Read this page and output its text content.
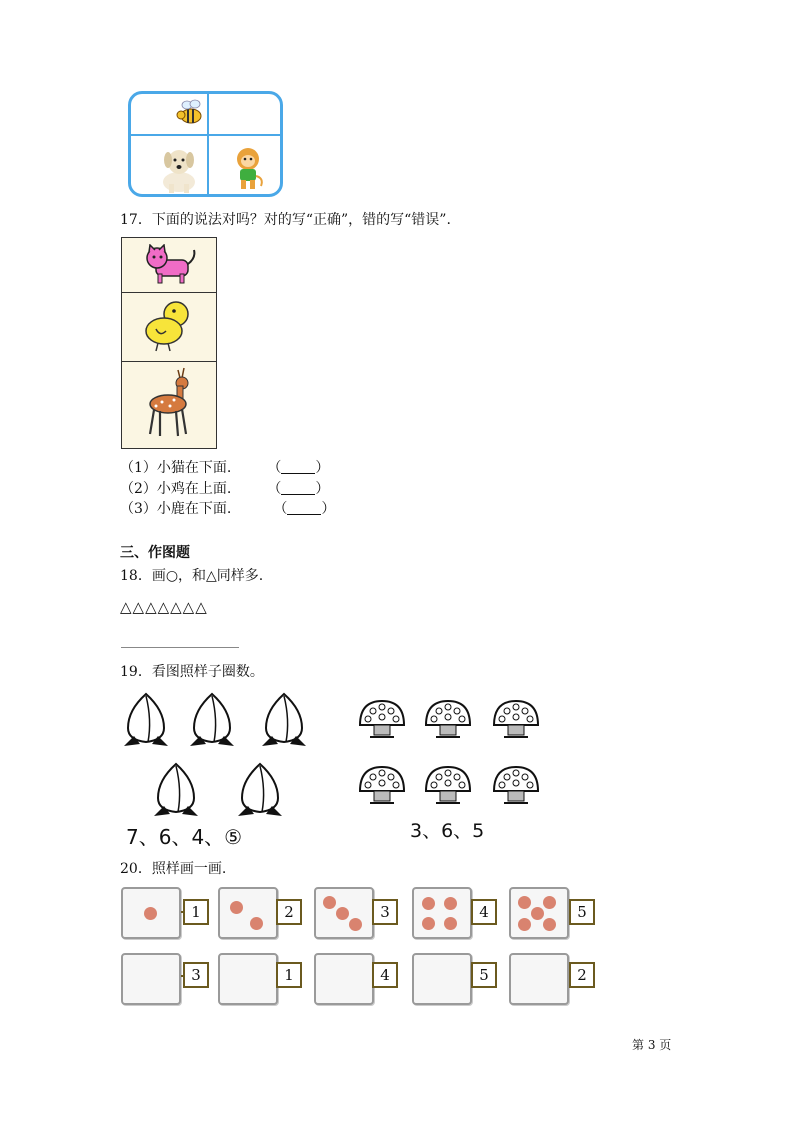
17．下面的说法对吗？对的写“正确”，错的写“错误”.
（1）小猫在下面.	（ ）
（2）小鸡在上面.	（ ）
（3）小鹿在下面.	（ ）
三、作图题
18．画○，和△同样多.
△△△△△△△
19．看图照样子圈数。
7、6、4、⑤	3、6、5
20．照样画一画.
1	2	3	4	5
3	1	4	5	2
第 3 页
